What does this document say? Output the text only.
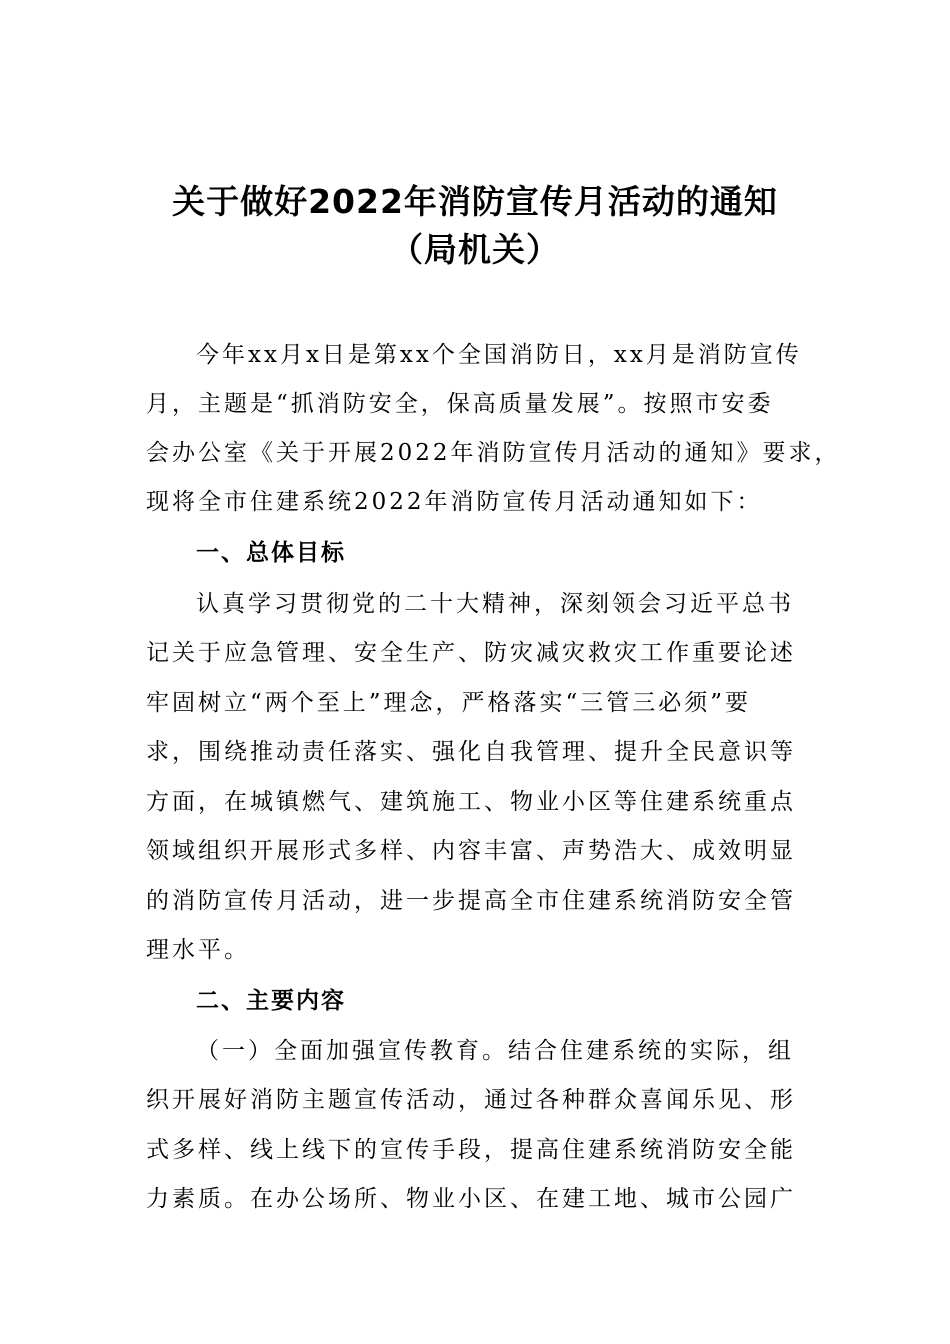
关于做好2022年消防宣传月活动的通知
（局机关）

今年xx月x日是第xx个全国消防日，xx月是消防宣传

月，主题是“抓消防安全，保高质量发展”。按照市安委

会办公室《关于开展2022年消防宣传月活动的通知》要求，

现将全市住建系统2022年消防宣传月活动通知如下：

一、总体目标

认真学习贯彻党的二十大精神，深刻领会习近平总书

记关于应急管理、安全生产、防灾减灾救灾工作重要论述

牢固树立“两个至上”理念，严格落实“三管三必须”要

求，围绕推动责任落实、强化自我管理、提升全民意识等

方面，在城镇燃气、建筑施工、物业小区等住建系统重点

领域组织开展形式多样、内容丰富、声势浩大、成效明显

的消防宣传月活动，进一步提高全市住建系统消防安全管

理水平。

二、主要内容

（一）全面加强宣传教育。结合住建系统的实际，组

织开展好消防主题宣传活动，通过各种群众喜闻乐见、形

式多样、线上线下的宣传手段，提高住建系统消防安全能

力素质。在办公场所、物业小区、在建工地、城市公园广
